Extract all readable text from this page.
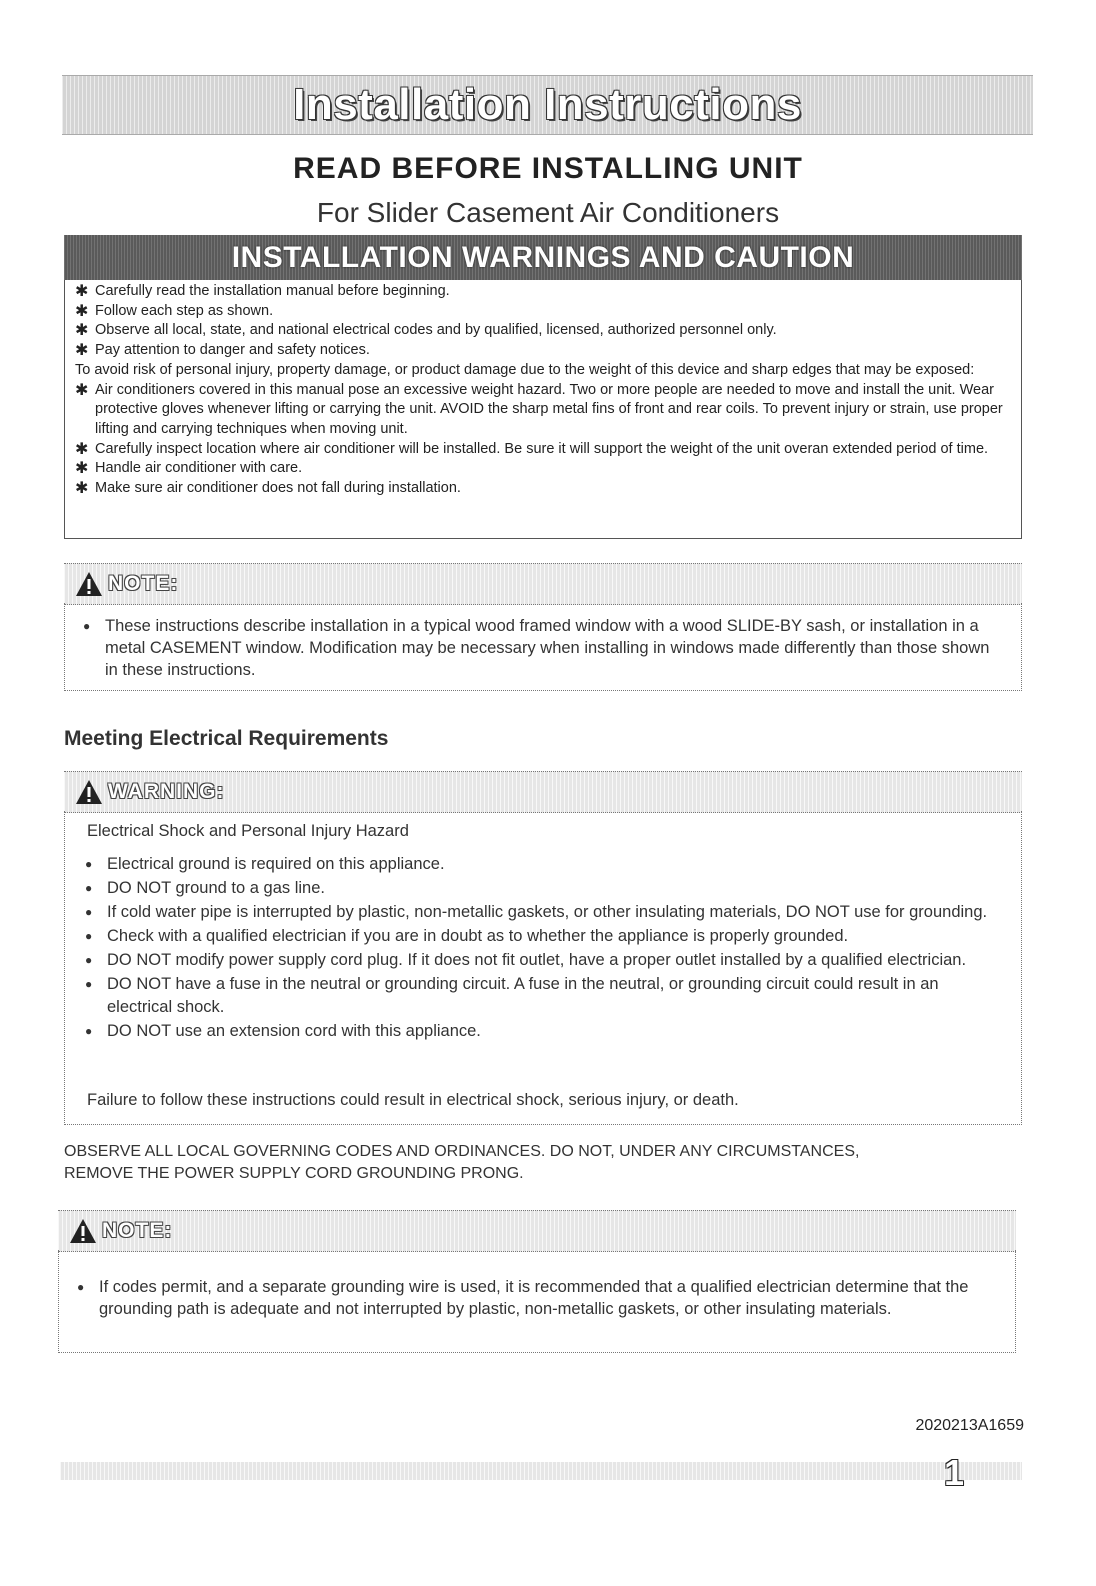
Installation Instructions
READ BEFORE INSTALLING UNIT
For Slider Casement Air Conditioners
INSTALLATION WARNINGS AND CAUTION
✱ Carefully read the installation manual before beginning.
✱ Follow each step as shown.
✱ Observe all local, state, and national electrical codes and by qualified, licensed, authorized personnel only.
✱ Pay attention to danger and safety notices.
To avoid risk of personal injury, property damage, or product damage due to the weight of this device and sharp edges that may be exposed:
✱ Air conditioners covered in this manual pose an excessive weight hazard. Two or more people are needed to move and install the unit. Wear protective gloves whenever lifting or carrying the unit. AVOID the sharp metal fins of front and rear coils. To prevent injury or strain, use proper lifting and carrying techniques when moving unit.
✱ Carefully inspect location where air conditioner will be installed. Be sure it will support the weight of the unit overan extended period of time.
✱ Handle air conditioner with care.
✱ Make sure air conditioner does not fall during installation.
NOTE:
● These instructions describe installation in a typical wood framed window with a wood SLIDE-BY sash, or installation in a metal CASEMENT window. Modification may be necessary when installing in windows made differently than those shown in these instructions.
Meeting Electrical Requirements
WARNING:
Electrical Shock and Personal Injury Hazard
● Electrical ground is required on this appliance.
● DO NOT ground to a gas line.
● If cold water pipe is interrupted by plastic, non-metallic gaskets, or other insulating materials, DO NOT use for grounding.
● Check with a qualified electrician if you are in doubt as to whether the appliance is properly grounded.
● DO NOT modify power supply cord plug. If it does not fit outlet, have a proper outlet installed by a qualified electrician.
● DO NOT have a fuse in the neutral or grounding circuit. A fuse in the neutral, or grounding circuit could result in an electrical shock.
● DO NOT use an extension cord with this appliance.
Failure to follow these instructions could result in electrical shock, serious injury, or death.
OBSERVE ALL LOCAL GOVERNING CODES AND ORDINANCES. DO NOT, UNDER ANY CIRCUMSTANCES,
REMOVE THE POWER SUPPLY CORD GROUNDING PRONG.
NOTE:
● If codes permit, and a separate grounding wire is used, it is recommended that a qualified electrician determine that the grounding path is adequate and not interrupted by plastic, non-metallic gaskets, or other insulating materials.
2020213A1659
1
